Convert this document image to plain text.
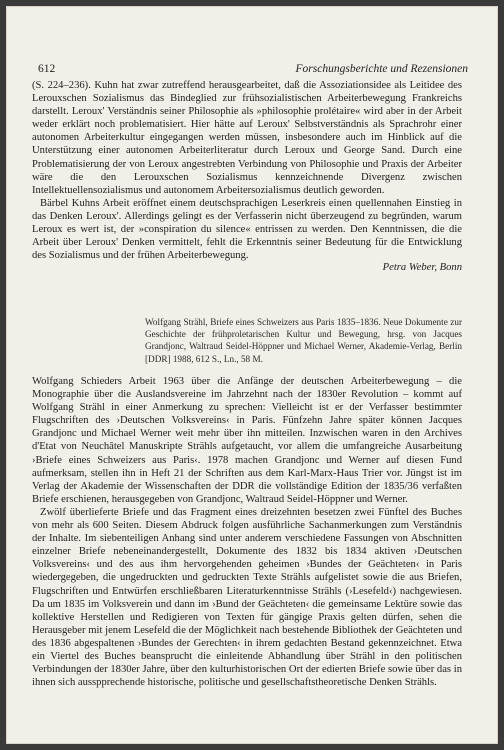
612	Forschungsberichte und Rezensionen

(S. 224–236). Kuhn hat zwar zutreffend herausgearbeitet, daß die Assoziationsidee als Leitidee des Lerouxschen Sozialismus das Bindeglied zur frühsozialistischen Arbeiterbewegung Frankreichs darstellt. Leroux' Verständnis seiner Philosophie als »philosophie prolétaire« wird aber in der Arbeit weder erklärt noch problematisiert. Hier hätte auf Leroux' Selbstverständnis als Sprachrohr einer autonomen Arbeiterkultur eingegangen werden müssen, insbesondere auch im Hinblick auf die Unterstützung einer autonomen Arbeiterliteratur durch Leroux und George Sand. Durch eine Problematisierung der von Leroux angestrebten Verbindung von Philosophie und Praxis der Arbeiter wäre die den Lerouxschen Sozialismus kennzeichnende Divergenz zwischen Intellektuellensozialismus und autonomem Arbeitersozialismus deutlich geworden.

Bärbel Kuhns Arbeit eröffnet einem deutschsprachigen Leserkreis einen quellennahen Einstieg in das Denken Leroux'. Allerdings gelingt es der Verfasserin nicht überzeugend zu begründen, warum Leroux es wert ist, der »conspiration du silence« entrissen zu werden. Den Kenntnissen, die die Arbeit über Leroux' Denken vermittelt, fehlt die Erkenntnis seiner Bedeutung für die Entwicklung des Sozialismus und der frühen Arbeiterbewegung.

Petra Weber, Bonn
Wolfgang Strähl, Briefe eines Schweizers aus Paris 1835–1836. Neue Dokumente zur Geschichte der frühproletarischen Kultur und Bewegung, hrsg. von Jacques Grandjonc, Waltraud Seidel-Höppner und Michael Werner, Akademie-Verlag, Berlin [DDR] 1988, 612 S., Ln., 58 M.

Wolfgang Schieders Arbeit 1963 über die Anfänge der deutschen Arbeiterbewegung – die Monographie über die Auslandsvereine im Jahrzehnt nach der 1830er Revolution – kommt auf Wolfgang Strähl in einer Anmerkung zu sprechen: Vielleicht ist er der Verfasser bestimmter Flugschriften des ›Deutschen Volksvereins‹ in Paris. Fünfzehn Jahre später können Jacques Grandjonc und Michael Werner weit mehr über ihn mitteilen. Inzwischen waren in den Archives d'Etat von Neuchâtel Manuskripte Strähls aufgetaucht, vor allem die umfangreiche Ausarbeitung ›Briefe eines Schweizers aus Paris‹. 1978 machen Grandjonc und Werner auf diesen Fund aufmerksam, stellen ihn in Heft 21 der Schriften aus dem Karl-Marx-Haus Trier vor. Jüngst ist im Verlag der Akademie der Wissenschaften der DDR die vollständige Edition der 1835/36 verfaßten Briefe erschienen, herausgegeben von Grandjonc, Waltraud Seidel-Höppner und Werner.

Zwölf überlieferte Briefe und das Fragment eines dreizehnten besetzen zwei Fünftel des Buches von mehr als 600 Seiten. Diesem Abdruck folgen ausführliche Sachanmerkungen zum Verständnis der Inhalte. Im siebenteiligen Anhang sind unter anderem verschiedene Fassungen von Abschnitten einzelner Briefe nebeneinandergestellt, Dokumente des 1832 bis 1834 aktiven ›Deutschen Volksvereins‹ und des aus ihm hervorgehenden geheimen ›Bundes der Geächteten‹ in Paris wiedergegeben, die ungedruckten und gedruckten Texte Strähls aufgelistet sowie die aus Briefen, Flugschriften und Entwürfen erschließbaren Literaturkenntnisse Strähls (›Lesefeld‹) nachgewiesen. Da um 1835 im Volksverein und dann im ›Bund der Geächteten‹ die gemeinsame Lektüre sowie das kollektive Herstellen und Redigieren von Texten für gängige Praxis gelten dürfen, sehen die Herausgeber mit jenem Lesefeld die der Möglichkeit nach bestehende Bibliothek der Geächteten und des 1836 abgespaltenen ›Bundes der Gerechten‹ in ihrem gedachten Bestand gekennzeichnet. Etwa ein Viertel des Buches beansprucht die einleitende Abhandlung über Strähl in den politischen Verbindungen der 1830er Jahre, über den kulturhistorischen Ort der edierten Briefe sowie über das in ihnen sich ausspprechende historische, politische und gesellschaftstheoretische Denken Strähls.
